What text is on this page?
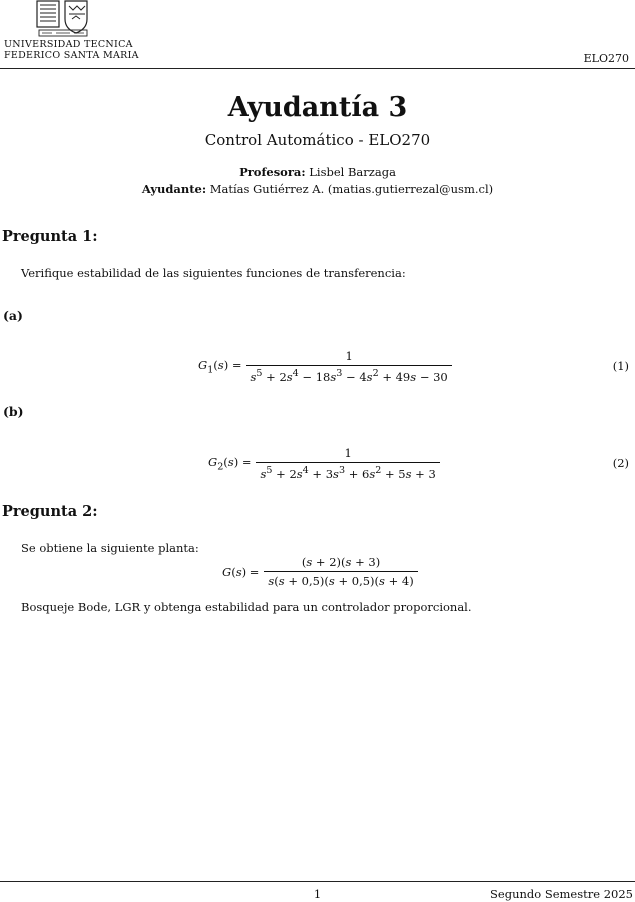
UNIVERSIDAD TECNICA
FEDERICO SANTA MARIA	ELO270
Ayudantía 3
Control Automático - ELO270
Profesora: Lisbel Barzaga
Ayudante: Matías Gutiérrez A. (matias.gutierrezal@usm.cl)
Pregunta 1:
Verifique estabilidad de las siguientes funciones de transferencia:
(a)
$G_1(s) = \frac{1}{s^5 + 2s^4 - 18s^3 - 4s^2 + 49s - 30}$	(1)
(b)
$G_2(s) = \frac{1}{s^5 + 2s^4 + 3s^3 + 6s^2 + 5s + 3}$	(2)
Pregunta 2:
Se obtiene la siguiente planta:
$G(s) = \frac{(s + 2)(s + 3)}{s(s + 0,5)(s + 0,5)(s + 4)}$
Bosqueje Bode, LGR y obtenga estabilidad para un controlador proporcional.
1	Segundo Semestre 2025
